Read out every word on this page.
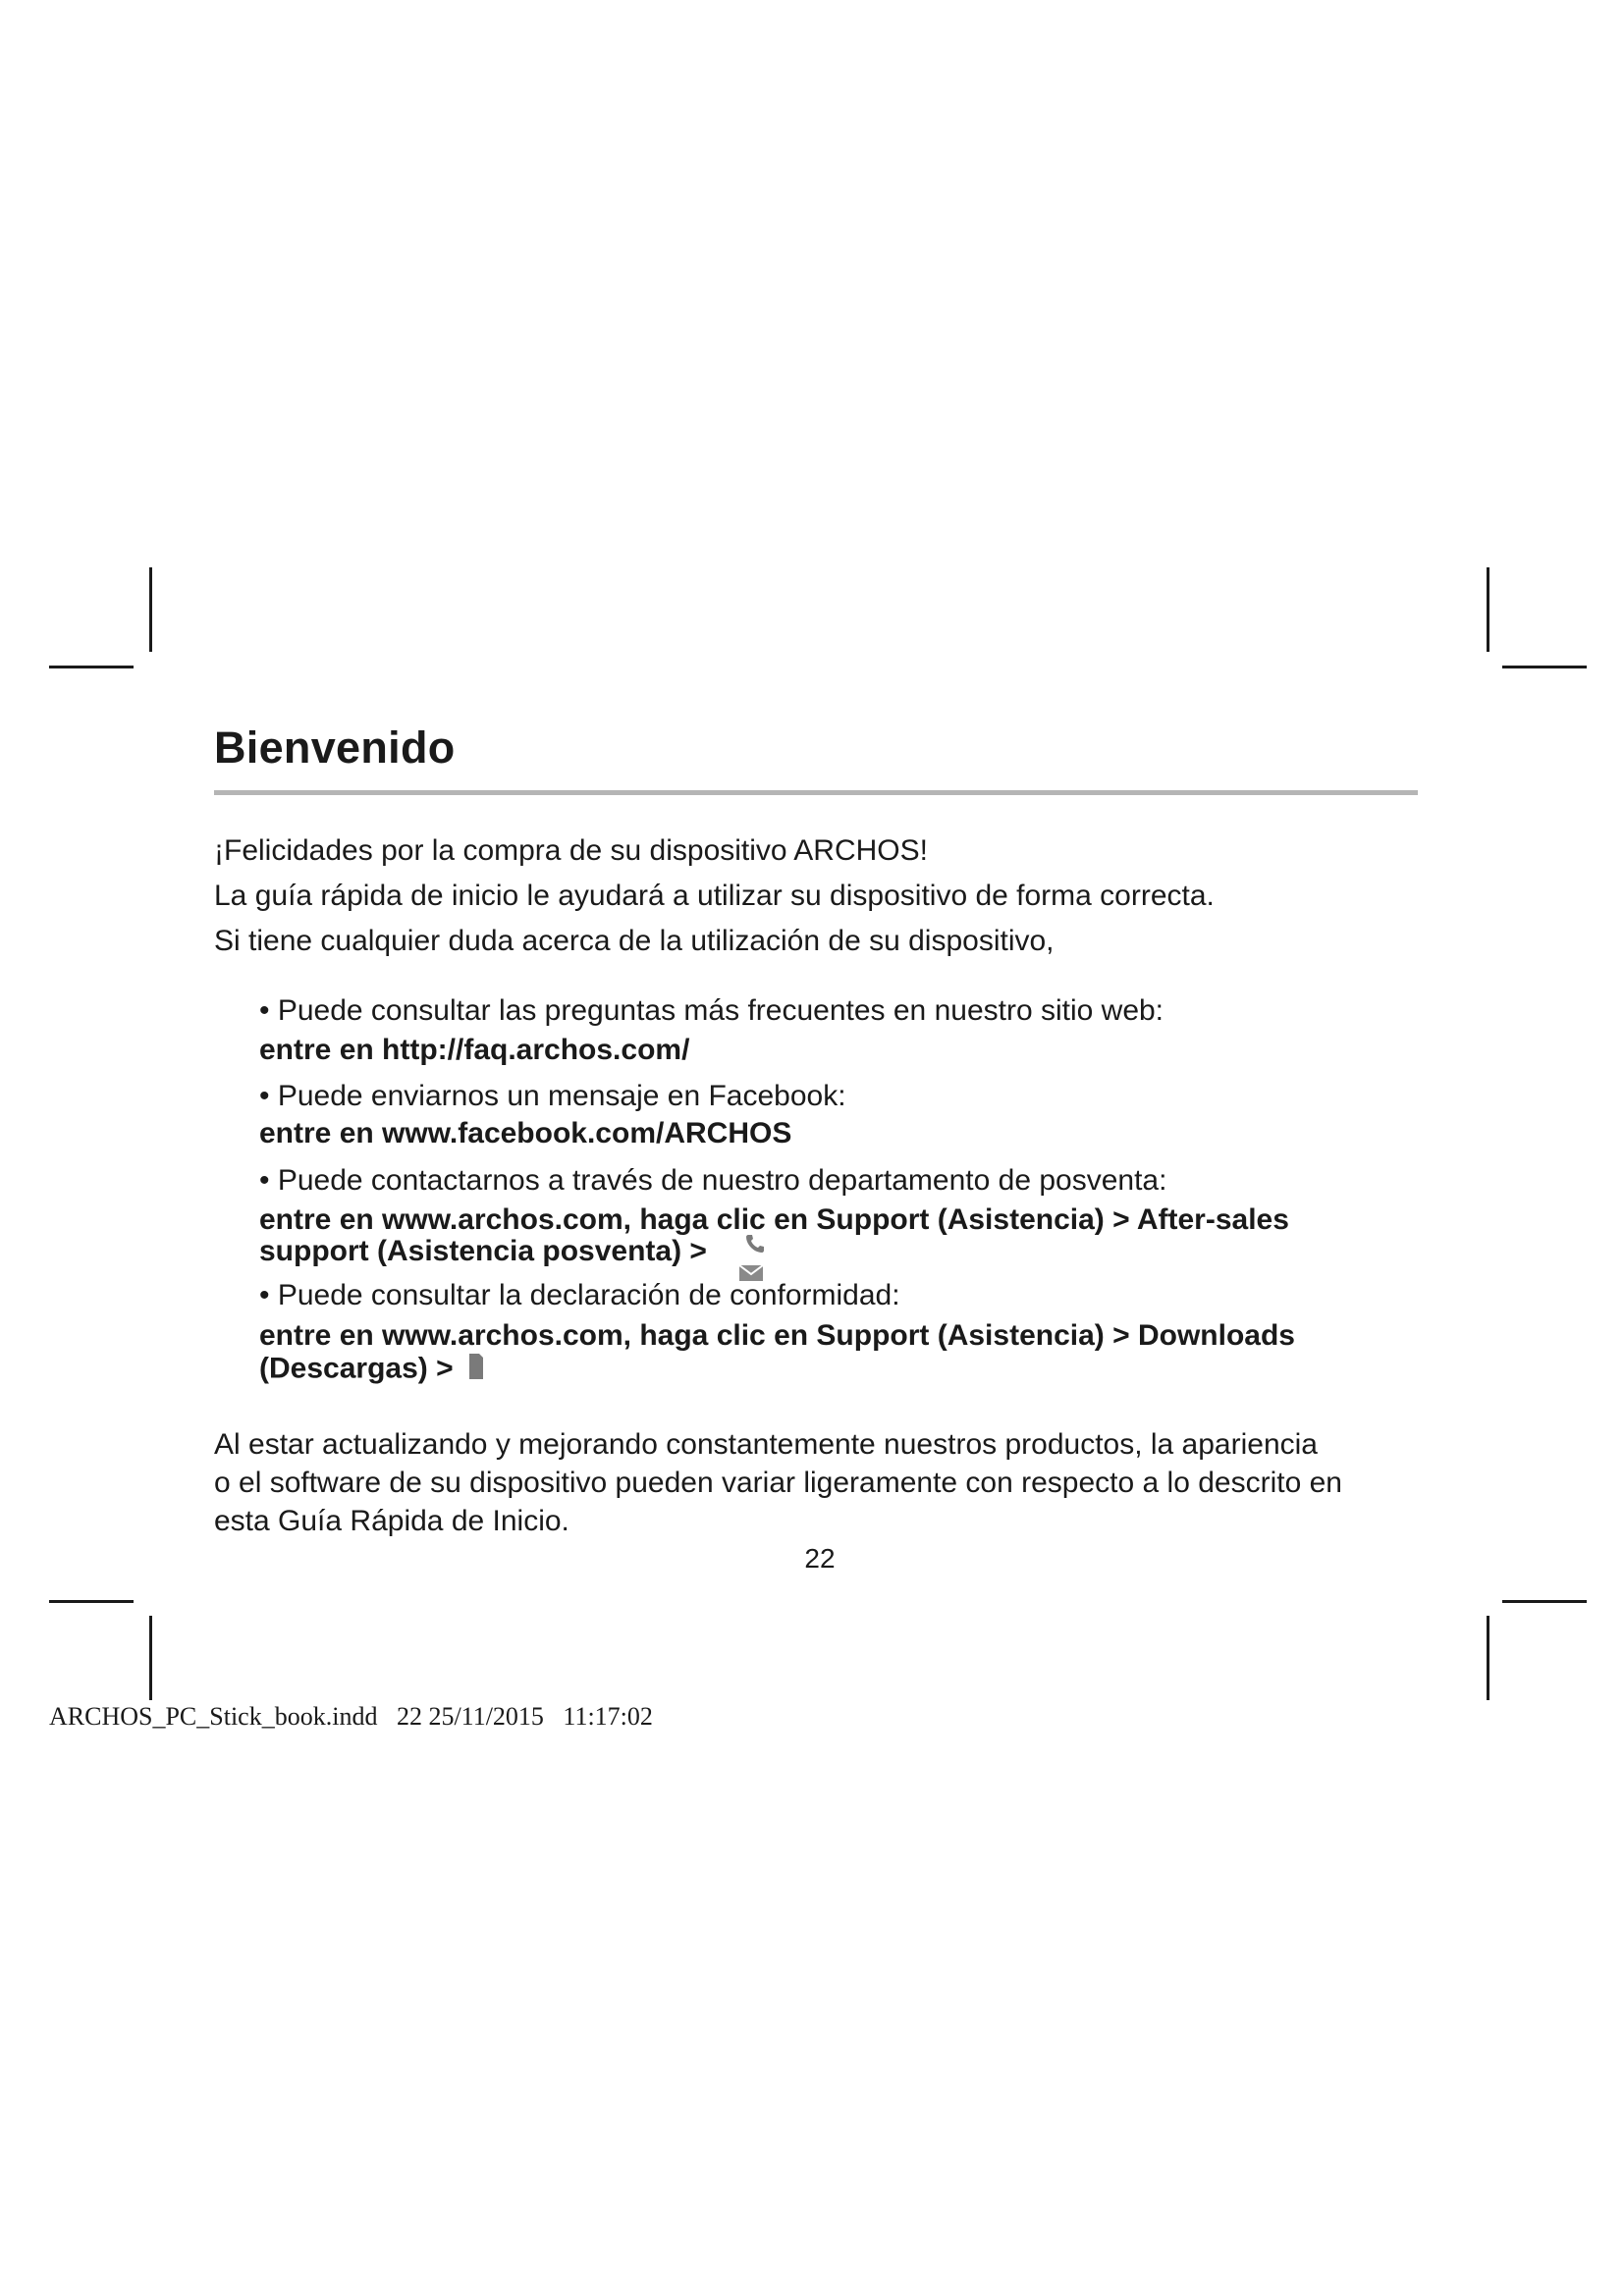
Bienvenido

¡Felicidades por la compra de su dispositivo ARCHOS!

La guía rápida de inicio le ayudará a utilizar su dispositivo de forma correcta.

Si tiene cualquier duda acerca de la utilización de su dispositivo,

• Puede consultar las preguntas más frecuentes en nuestro sitio web:

entre en http://faq.archos.com/

• Puede enviarnos un mensaje en Facebook:

entre en www.facebook.com/ARCHOS

• Puede contactarnos a través de nuestro departamento de posventa:

entre en www.archos.com, haga clic en Support (Asistencia) > After-sales

support (Asistencia posventa) >

• Puede consultar la declaración de conformidad:

entre en www.archos.com, haga clic en Support (Asistencia) > Downloads

(Descargas) >

Al estar actualizando y mejorando constantemente nuestros productos, la apariencia
o el software de su dispositivo pueden variar ligeramente con respecto a lo descrito en
esta Guía Rápida de Inicio.

22
ARCHOS_PC_Stick_book.indd   22 25/11/2015   11:17:02
